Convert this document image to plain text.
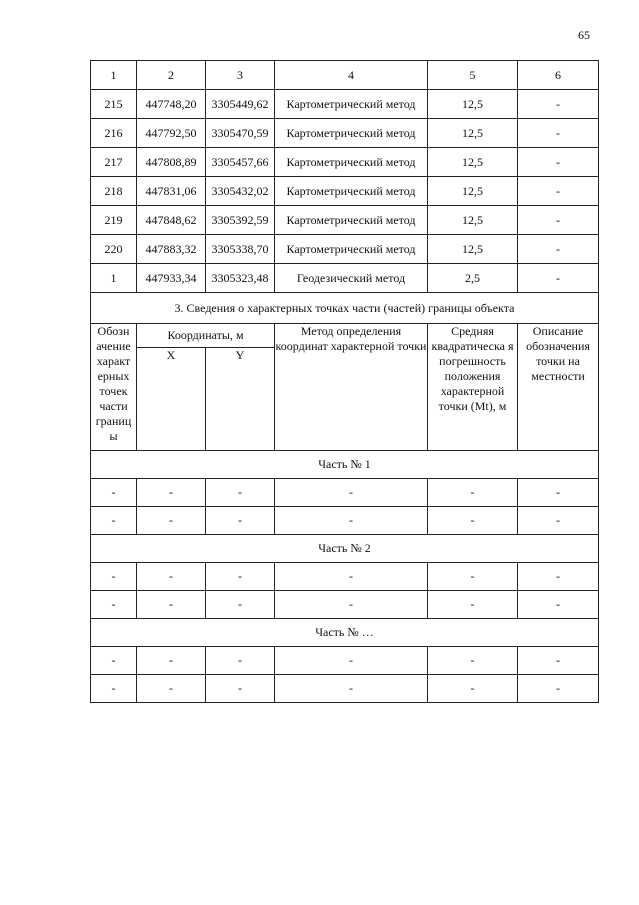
65
1	2	3	4	5	6
215	447748,20	3305449,62	Картометрический метод	12,5	-
216	447792,50	3305470,59	Картометрический метод	12,5	-
217	447808,89	3305457,66	Картометрический метод	12,5	-
218	447831,06	3305432,02	Картометрический метод	12,5	-
219	447848,62	3305392,59	Картометрический метод	12,5	-
220	447883,32	3305338,70	Картометрический метод	12,5	-
1	447933,34	3305323,48	Геодезический метод	2,5	-
3. Сведения о характерных точках части (частей) границы объекта					
Обозн ачение характ ерных точек части границ ы	Координаты, м		Метод определения координат характерной точки	Средняя квадратическа я погрешность положения характерной точки (Mt), м	Описание обозначения точки на местности
	X	Y			
Часть № 1					
-	-	-	-	-	-
-	-	-	-	-	-
Часть № 2					
-	-	-	-	-	-
-	-	-	-	-	-
Часть № …					
-	-	-	-	-	-
-	-	-	-	-	-
